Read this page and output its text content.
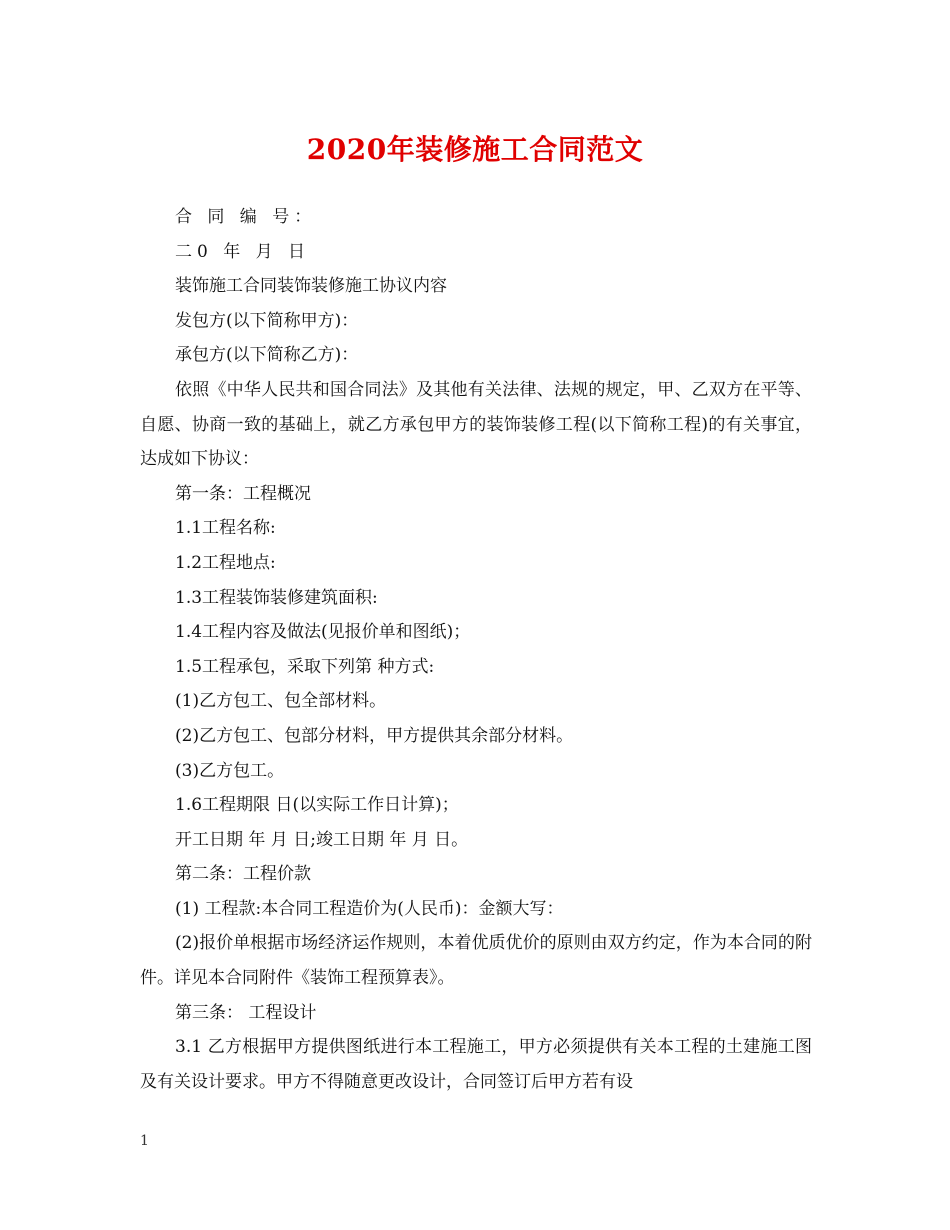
2020年装修施工合同范文

合 同 编 号：

二0 年 月 日

装饰施工合同装饰装修施工协议内容

发包方(以下简称甲方)：

承包方(以下简称乙方)：

依照《中华人民共和国合同法》及其他有关法律、法规的规定，甲、乙双方在平等、自愿、协商一致的基础上，就乙方承包甲方的装饰装修工程(以下简称工程)的有关事宜，达成如下协议：

第一条：工程概况

1.1工程名称:

1.2工程地点:

1.3工程装饰装修建筑面积:

1.4工程内容及做法(见报价单和图纸)；

1.5工程承包，采取下列第 种方式:

(1)乙方包工、包全部材料。

(2)乙方包工、包部分材料，甲方提供其余部分材料。

(3)乙方包工。

1.6工程期限 日(以实际工作日计算)；

开工日期 年 月 日;竣工日期 年 月 日。

第二条：工程价款

(1) 工程款:本合同工程造价为(人民币)：金额大写：

(2)报价单根据市场经济运作规则，本着优质优价的原则由双方约定，作为本合同的附件。详见本合同附件《装饰工程预算表》。

第三条： 工程设计

3.1 乙方根据甲方提供图纸进行本工程施工，甲方必须提供有关本工程的土建施工图及有关设计要求。甲方不得随意更改设计，合同签订后甲方若有设

1
